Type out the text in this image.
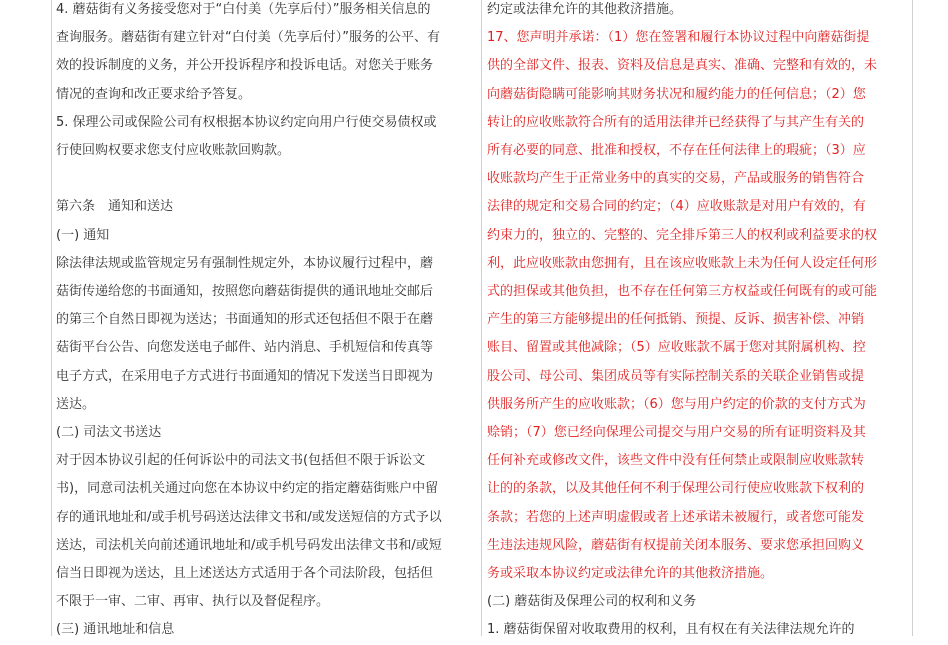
4. 蘑菇街有义务接受您对于“白付美（先享后付）”服务相关信息的

查询服务。蘑菇街有建立针对“白付美（先享后付）”服务的公平、有

效的投诉制度的义务，并公开投诉程序和投诉电话。对您关于账务

情况的查询和改正要求给予答复。

5. 保理公司或保险公司有权根据本协议约定向用户行使交易债权或

行使回购权要求您支付应收账款回购款。

第六条　通知和送达

(一) 通知

除法律法规或监管规定另有强制性规定外，本协议履行过程中，蘑

菇街传递给您的书面通知，按照您向蘑菇街提供的通讯地址交邮后

的第三个自然日即视为送达；书面通知的形式还包括但不限于在蘑

菇街平台公告、向您发送电子邮件、站内消息、手机短信和传真等

电子方式，在采用电子方式进行书面通知的情况下发送当日即视为

送达。

(二) 司法文书送达

对于因本协议引起的任何诉讼中的司法文书(包括但不限于诉讼文

书)，同意司法机关通过向您在本协议中约定的指定蘑菇街账户中留

存的通讯地址和/或手机号码送达法律文书和/或发送短信的方式予以

送达，司法机关向前述通讯地址和/或手机号码发出法律文书和/或短

信当日即视为送达，且上述送达方式适用于各个司法阶段，包括但

不限于一审、二审、再审、执行以及督促程序。

(三) 通讯地址和信息

约定或法律允许的其他救济措施。

17、您声明并承诺：（1）您在签署和履行本协议过程中向蘑菇街提

供的全部文件、报表、资料及信息是真实、准确、完整和有效的，未

向蘑菇街隐瞒可能影响其财务状况和履约能力的任何信息；（2）您

转让的应收账款符合所有的适用法律并已经获得了与其产生有关的

所有必要的同意、批准和授权，不存在任何法律上的瑕疵；（3）应

收账款均产生于正常业务中的真实的交易，产品或服务的销售符合

法律的规定和交易合同的约定；（4）应收账款是对用户有效的，有

约束力的，独立的、完整的、完全排斥第三人的权利或利益要求的权

利，此应收账款由您拥有，且在该应收账款上未为任何人设定任何形

式的担保或其他负担，也不存在任何第三方权益或任何既有的或可能

产生的第三方能够提出的任何抵销、预提、反诉、损害补偿、冲销

账目、留置或其他减除；（5）应收账款不属于您对其附属机构、控

股公司、母公司、集团成员等有实际控制关系的关联企业销售或提

供服务所产生的应收账款；（6）您与用户约定的价款的支付方式为

赊销；（7）您已经向保理公司提交与用户交易的所有证明资料及其

任何补充或修改文件，该些文件中没有任何禁止或限制应收账款转

让的的条款，以及其他任何不利于保理公司行使应收账款下权利的

条款；若您的上述声明虚假或者上述承诺未被履行，或者您可能发

生违法违规风险，蘑菇街有权提前关闭本服务、要求您承担回购义

务或采取本协议约定或法律允许的其他救济措施。

(二) 蘑菇街及保理公司的权利和义务

1. 蘑菇街保留对收取费用的权利，且有权在有关法律法规允许的
